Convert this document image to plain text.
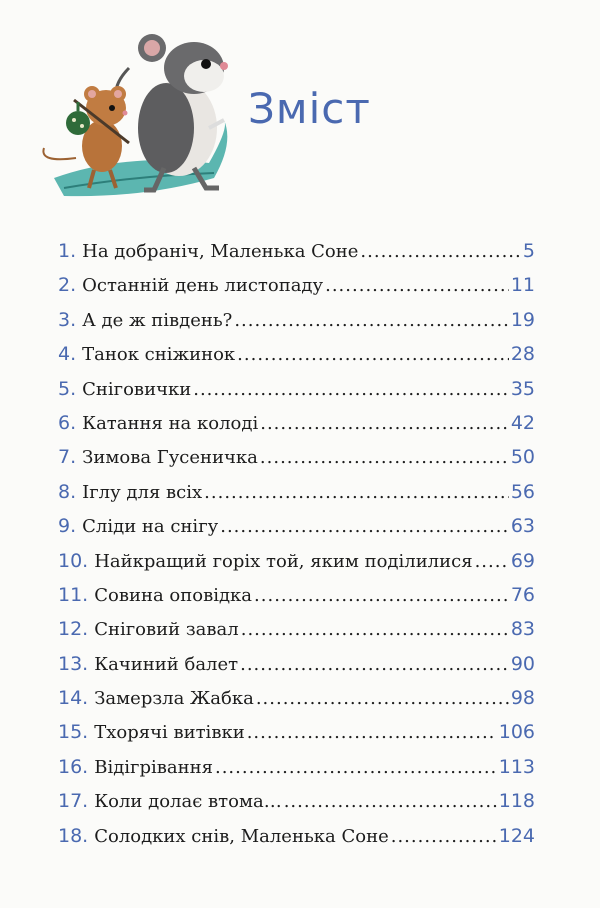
Зміст
1. На добраніч, Маленька Соне .....	5
2. Останній день листопаду .....	11
3. А де ж південь? .....	19
4. Танок сніжинок .....	28
5. Сніговички .....	35
6. Катання на колоді .....	42
7. Зимова Гусеничка .....	50
8. Іглу для всіх .....	56
9. Сліди на снігу .....	63
10. Найкращий горіх той, яким поділилися ..... 69
11. Совина оповідка .....	76
12. Сніговий завал .....	83
13. Качиний балет .....	90
14. Замерзла Жабка .....	98
15. Тхорячі витівки .....	106
16. Відігрівання .....	113
17. Коли долає втома… .....	118
18. Солодких снів, Маленька Соне .....	124
